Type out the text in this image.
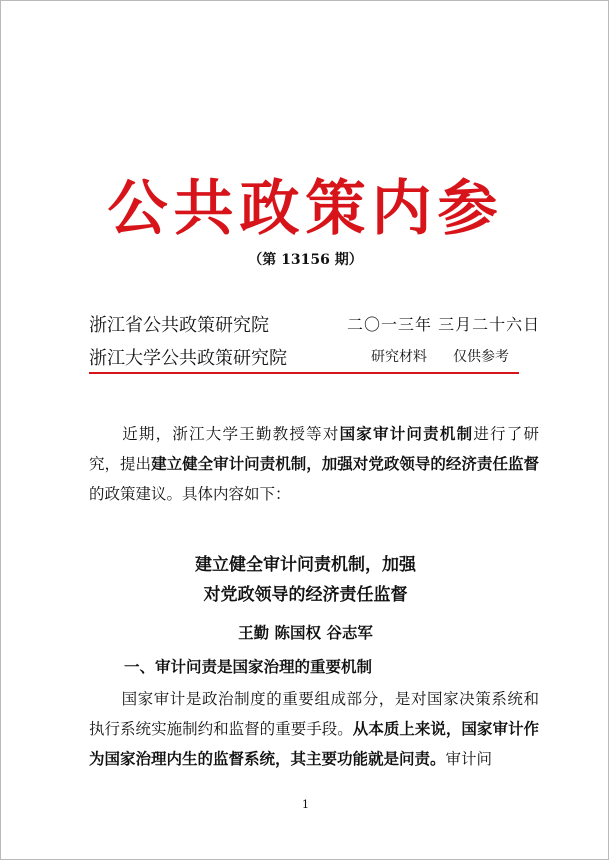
公共政策内参
（第 13156 期）
浙江省公共政策研究院
浙江大学公共政策研究院
二〇一三年 三月二十六日
研究材料 仅供参考
近期，浙江大学王勤教授等对国家审计问责机制进行了研究，提出建立健全审计问责机制，加强对党政领导的经济责任监督的政策建议。具体内容如下：
建立健全审计问责机制，加强
对党政领导的经济责任监督
王勤 陈国权 谷志军
一、审计问责是国家治理的重要机制
国家审计是政治制度的重要组成部分，是对国家决策系统和执行系统实施制约和监督的重要手段。从本质上来说，国家审计作为国家治理内生的监督系统，其主要功能就是问责。审计问
1
